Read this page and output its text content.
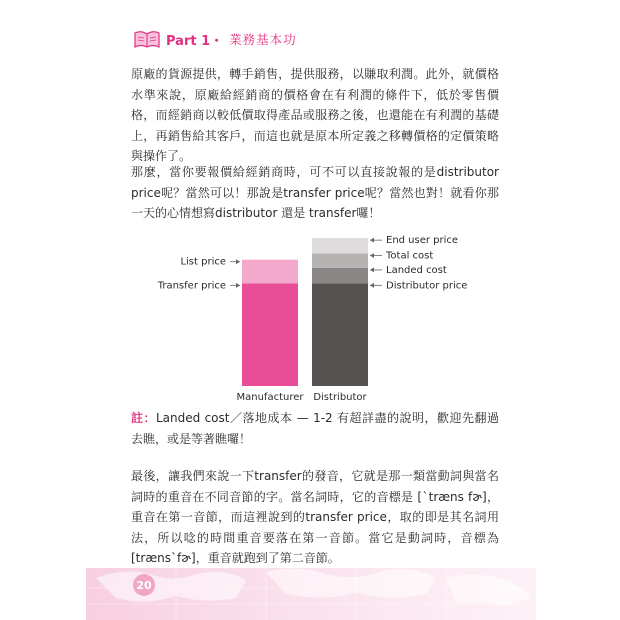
Part 1・ 業務基本功
原廠的貨源提供，轉手銷售，提供服務，以賺取利潤。此外，就價格水準來說，原廠給經銷商的價格會在有利潤的條件下，低於零售價格，而經銷商以較低價取得產品或服務之後，也還能在有利潤的基礎上，再銷售給其客戶，而這也就是原本所定義之移轉價格的定價策略與操作了。
那麼，當你要報價給經銷商時，可不可以直接說報的是distributor price呢？當然可以！那說是transfer price呢？當然也對！就看你那一天的心情想寫distributor 還是 transfer囉！
Manufacturer Distributor
List price
Transfer price
End user price
Total cost
Landed cost
Distributor price
註：Landed cost／落地成本 — 1-2 有超詳盡的說明，歡迎先翻過去瞧，或是等著瞧囉！
最後，讓我們來說一下transfer的發音，它就是那一類當動詞與當名詞時的重音在不同音節的字。當名詞時，它的音標是 [ˋtræns fɚ]，重音在第一音節，而這裡說到的transfer price，取的即是其名詞用法，所以唸的時間重音要落在第一音節。當它是動詞時，音標為 [træns`fɚ]，重音就跑到了第二音節。
20
